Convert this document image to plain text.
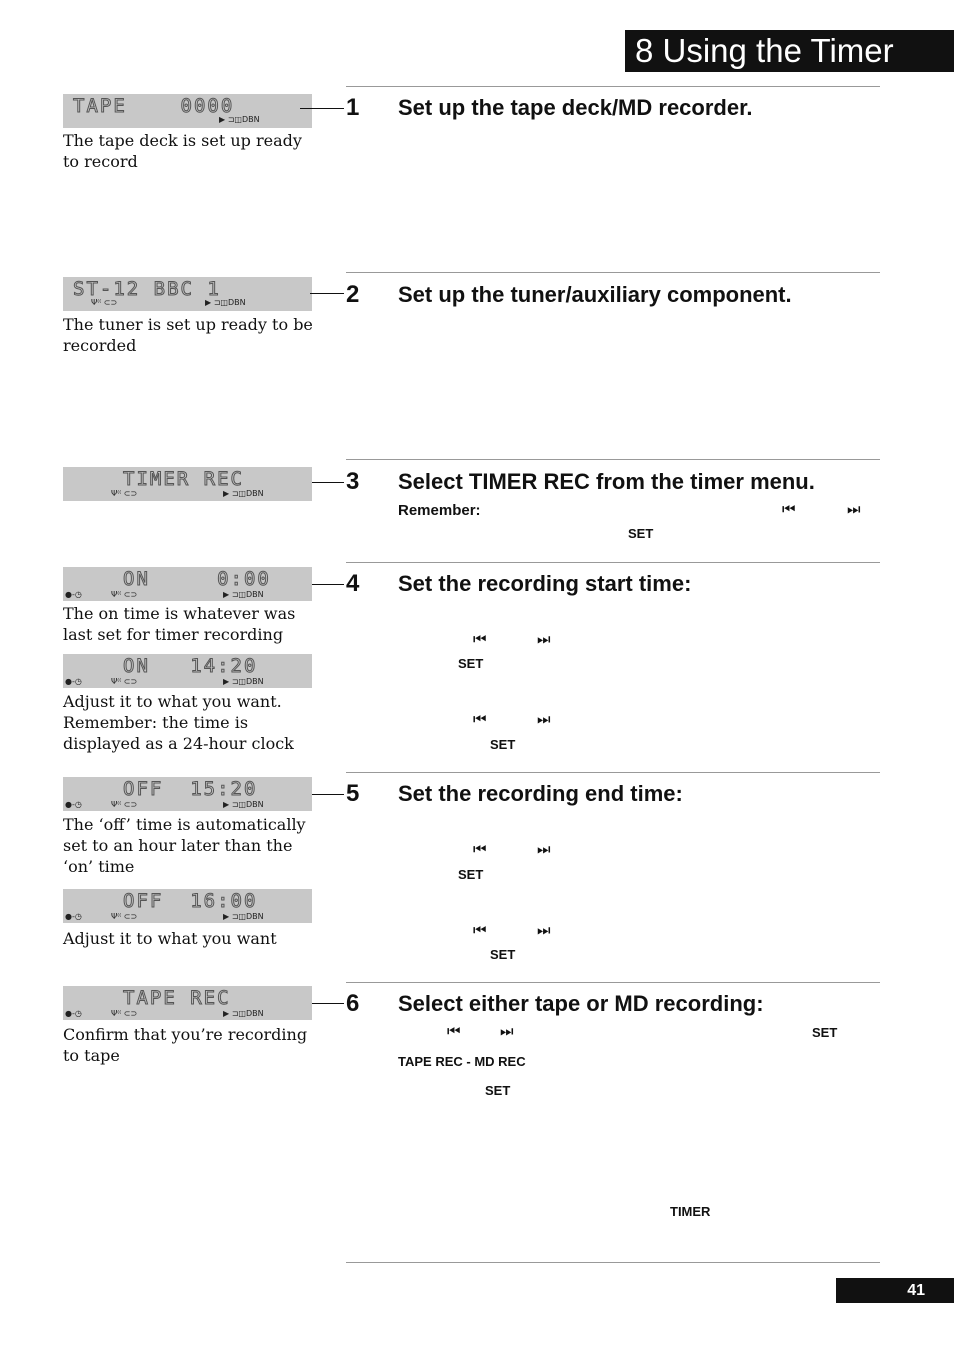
8 Using the Timer
TAPE    0000
▶ ⊐◫DBN
The tape deck is set up ready to record
ST-12 BBC 1
Ψ⁽⁽ ⊂⊃	▶ ⊐◫DBN
The tuner is set up ready to be recorded
TIMER REC
Ψ⁽⁽ ⊂⊃	▶ ⊐◫DBN
ON     0:00
●-◷	Ψ⁽⁽ ⊂⊃	▶ ⊐◫DBN
The on time is whatever was last set for timer recording
ON   14:20
●-◷	Ψ⁽⁽ ⊂⊃	▶ ⊐◫DBN
Adjust it to what you want. Remember: the time is displayed as a 24-hour clock
OFF  15:20
●-◷	Ψ⁽⁽ ⊂⊃	▶ ⊐◫DBN
The ‘off’ time is automatically set to an hour later than the ‘on’ time
OFF  16:00
●-◷	Ψ⁽⁽ ⊂⊃	▶ ⊐◫DBN
Adjust it to what you want
TAPE REC
●-◷	Ψ⁽⁽ ⊂⊃	▶ ⊐◫DBN
Confirm that you’re recording to tape
1 Set up the tape deck/MD recorder.
2 Set up the tuner/auxiliary component.
3 Select TIMER REC from the timer menu.
Remember:	⏮	⏭
SET
4 Set the recording start time:
⏮	⏭
SET
⏮	⏭
SET
5 Set the recording end time:
⏮	⏭
SET
⏮	⏭
SET
6 Select either tape or MD recording:
⏮	⏭	SET
TAPE REC - MD REC
SET
TIMER
41
